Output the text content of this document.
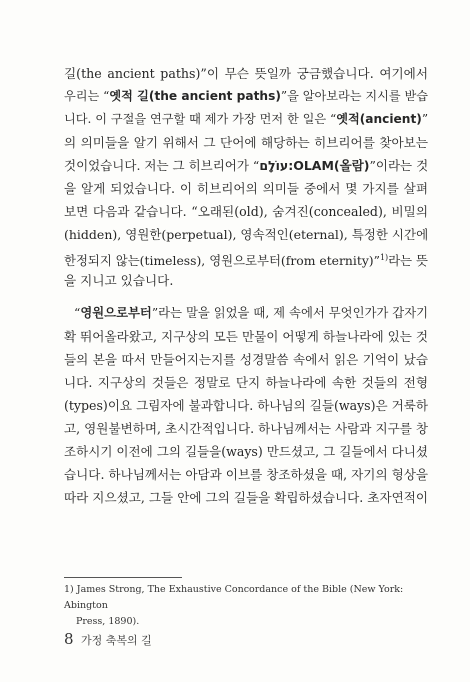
길(the ancient paths)”이 무슨 뜻일까 궁금했습니다. 여기에서
우리는 “옛적 길(the ancient paths)”을 알아보라는 지시를 받습
니다. 이 구절을 연구할 때 제가 가장 먼저 한 일은 “옛적(ancient)”
의 의미들을 알기 위해서 그 단어에 해당하는 히브리어를 찾아보는
것이었습니다. 저는 그 히브리어가 “עוֹלָם:OLAM(올람)”이라는 것
을 알게 되었습니다. 이 히브리어의 의미들 중에서 몇 가지를 살펴
보면 다음과 같습니다. “오래된(old), 숨겨진(concealed), 비밀의
(hidden), 영원한(perpetual), 영속적인(eternal), 특정한 시간에
한정되지 않는(timeless), 영원으로부터(from eternity)”$^{1)}$라는 뜻
을 지니고 있습니다.
“영원으로부터”라는 말을 읽었을 때, 제 속에서 무엇인가가 갑자기
확 뛰어올라왔고, 지구상의 모든 만물이 어떻게 하늘나라에 있는 것
들의 본을 따서 만들어지는지를 성경말씀 속에서 읽은 기억이 났습
니다. 지구상의 것들은 정말로 단지 하늘나라에 속한 것들의 전형
(types)이요 그림자에 불과합니다. 하나님의 길들(ways)은 거룩하
고, 영원불변하며, 초시간적입니다. 하나님께서는 사람과 지구를 창
조하시기 이전에 그의 길들을(ways) 만드셨고, 그 길들에서 다니셨
습니다. 하나님께서는 아담과 이브를 창조하셨을 때, 자기의 형상을
따라 지으셨고, 그들 안에 그의 길들을 확립하셨습니다. 초자연적이
1) James Strong, The Exhaustive Concordance of the Bible (New York: Abington
Press, 1890).
8 가정 축복의 길
